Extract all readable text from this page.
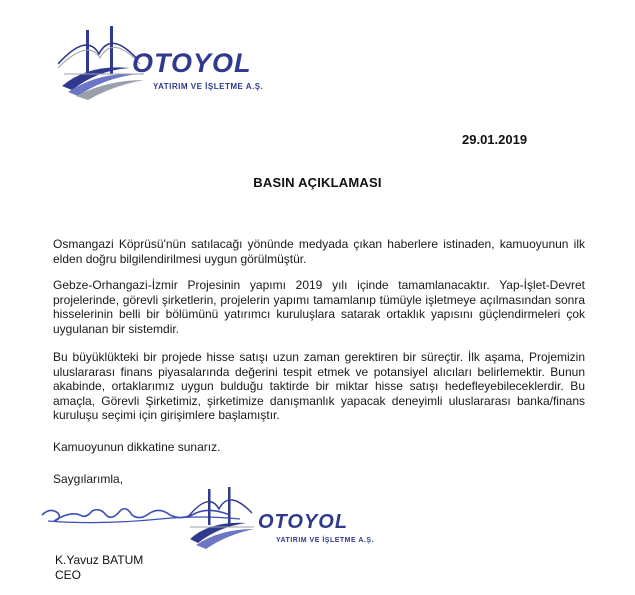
OTOYOL
YATIRIM VE İŞLETME A.Ş.
29.01.2019
BASIN AÇIKLAMASI

Osmangazi Köprüsü'nün satılacağı yönünde medyada çıkan haberlere istinaden, kamuoyunun ilk elden doğru bilgilendirilmesi uygun görülmüştür.

Gebze-Orhangazi-İzmir Projesinin yapımı 2019 yılı içinde tamamlanacaktır. Yap-İşlet-Devret projelerinde, görevli şirketlerin, projelerin yapımı tamamlanıp tümüyle işletmeye açılmasından sonra hisselerinin belli bir bölümünü yatırımcı kuruluşlara satarak ortaklık yapısını güçlendirmeleri çok uygulanan bir sistemdir.

Bu büyüklükteki bir projede hisse satışı uzun zaman gerektiren bir süreçtir. İlk aşama, Projemizin uluslararası finans piyasalarında değerini tespit etmek ve potansiyel alıcıları belirlemektir. Bunun akabinde, ortaklarımız uygun bulduğu taktirde bir miktar hisse satışı hedefleyebileceklerdir. Bu amaçla, Görevli Şirketimiz, şirketimize danışmanlık yapacak deneyimli uluslararası banka/finans kuruluşu seçimi için girişimlere başlamıştır.

Kamuoyunun dikkatine sunarız.

Saygılarımla,

OTOYOL
YATIRIM VE İŞLETME A.Ş.
K.Yavuz BATUM
CEO
